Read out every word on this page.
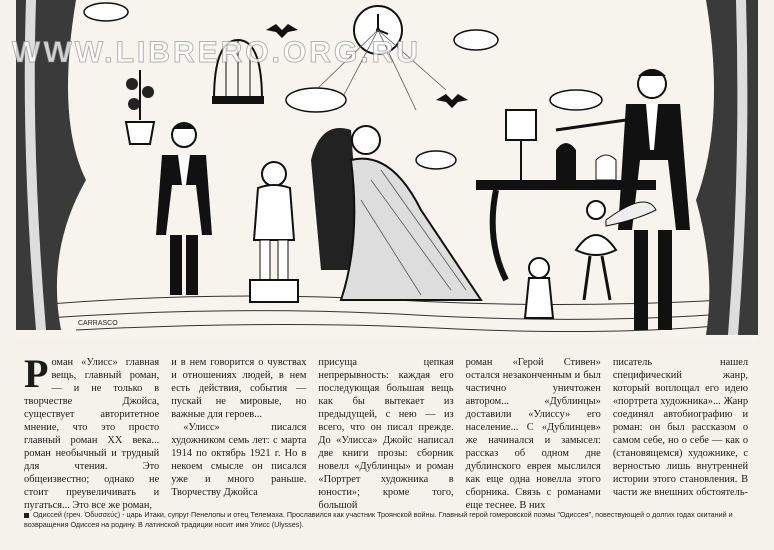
CARRASCO
WWW.LIBRERO.ORG.RU

Роман «Улисс» главная вещь, главный роман, — и не только в творчестве Джойса, существует авторитетное мнение, что это просто главный роман XX века... роман необычный и трудный для чтения. Это общеизвестно; однако не стоит преувеличивать и пугаться... Это все же роман,

и в нем говорится о чувствах и отношениях людей, в нем есть действия, события — пускай не мировые, но важные для героев...

«Улисс» писался художником семь лет: с марта 1914 по октябрь 1921 г. Но в некоем смысле он писался уже и много раньше. Творчеству Джойса

присуща цепкая непрерывность: каждая его последующая большая вещь как бы вытекает из предыдущей, с нею — из всего, что он писал прежде. До «Улисса» Джойс написал две книги прозы: сборник новелл «Дублинцы» и роман «Портрет художника в юности»; кроме того, большой

роман «Герой Стивен» остался незаконченным и был частично уничтожен автором... «Дублинцы» доставили «Улиссу» его население... С «Дублинцев» же начинался и замысел: рассказ об одном дне дублинского еврея мыслился как еще одна новелла этого сборника. Связь с романами еще теснее. В них

писатель нашел специфический жанр, который воплощал его идею «портрета художника»... Жанр соединял автобиографию и роман: он был рассказом о самом себе, но о себе — как о (становящемся) художнике, с верностью лишь внутренней истории этого становления. В части же внешних обстоятель-

Одиссей (греч. Ὀδυσσεύς) - царь Итаки, супруг Пенелопы и отец Телемаха. Прославился как участник Троянской войны. Главный герой гомеровской поэмы "Одиссея", повествующей о долгих годах скитаний и возвращения Одиссея на родину. В латинской традиции носит имя Улисс (Ulysses).
